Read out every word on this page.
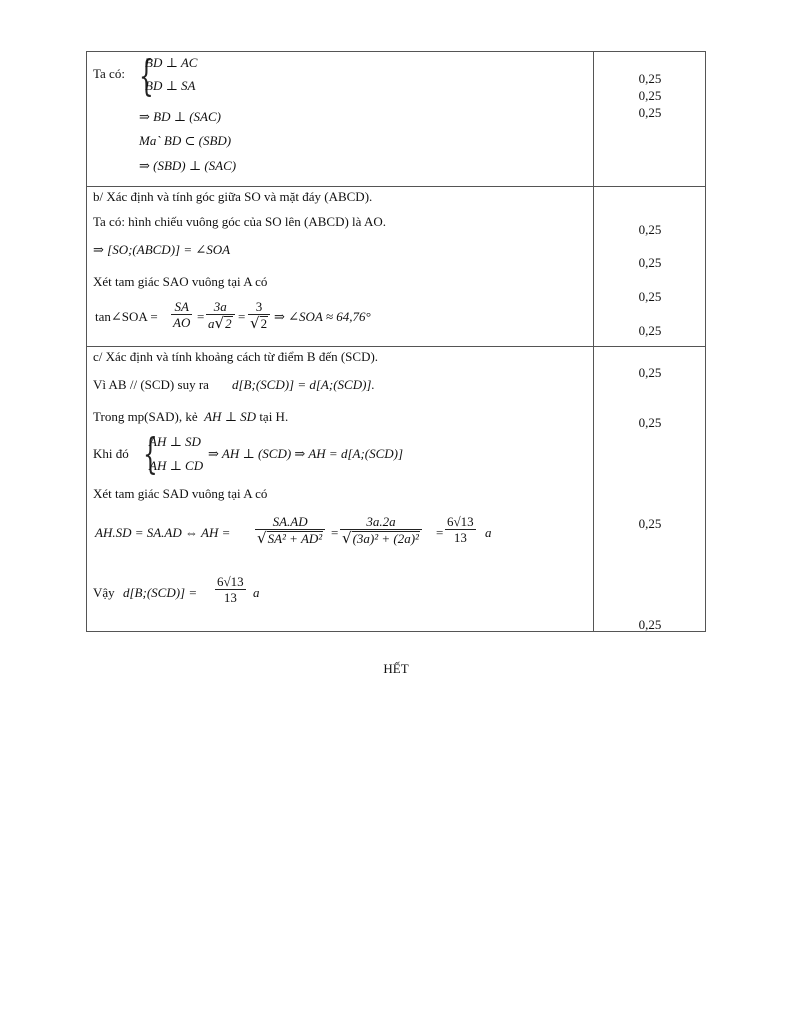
Ta có: {
BD ⊥ AC
BD ⊥ SA
⇒ BD ⊥ (SAC)
Ma` BD ⊂ (SBD)
⇒ (SBD) ⊥ (SAC)
0,25
0,25
0,25
b/ Xác định và tính góc giữa SO và mặt đáy (ABCD).
Ta có: hình chiếu vuông góc của SO lên (ABCD) là AO.
⇒ [SO;(ABCD)] = ∠SOA
Xét tam giác SAO vuông tại A có
tan∠SOA = $\frac{SA}{AO} = \frac{3a}{a√2} = \frac{3}{√2}$ ⇒ ∠SOA ≈ 64,76°
0,25
0,25
0,25
0,25
c/ Xác định và tính khoảng cách từ điểm B đến (SCD).
Vì AB // (SCD) suy ra d[B;(SCD)] = d[A;(SCD)].
Trong mp(SAD), kẻ AH ⊥ SD tại H.
Khi đó {
AH ⊥ SD
AH ⊥ CD
⇒ AH ⊥ (SCD) ⇒ AH = d[A;(SCD)]
Xét tam giác SAD vuông tại A có
AH.SD = SA.AD ⇔ AH = $\frac{SA.AD}{\text{√SA² + AD²}} = \frac{3a.2a}{\text{√(3a)² + (2a)²}} = \frac{6√13}{13}$ a
Vậy d[B;(SCD)] = $\frac{6√13}{13}$ a
0,25
0,25
0,25
0,25
HẾT
